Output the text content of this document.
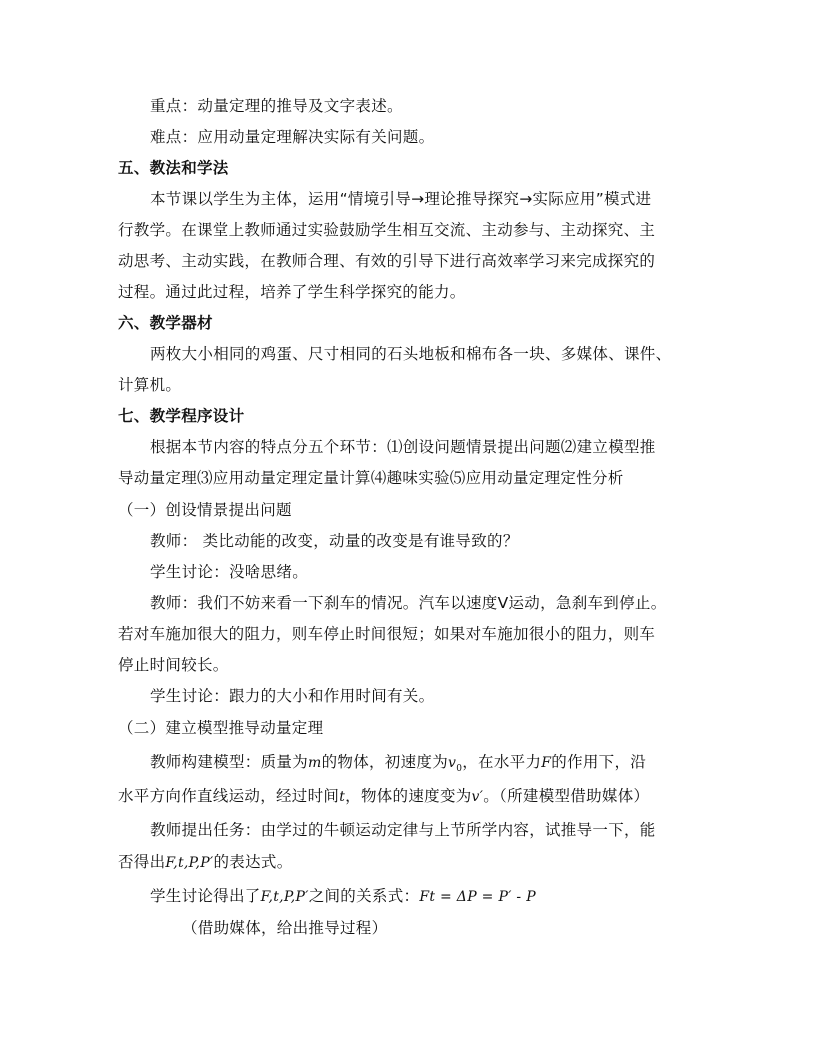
重点：动量定理的推导及文字表述。
难点：应用动量定理解决实际有关问题。
五、教法和学法
本节课以学生为主体，运用“情境引导→理论推导探究→实际应用”模式进
行教学。在课堂上教师通过实验鼓励学生相互交流、主动参与、主动探究、主
动思考、主动实践，在教师合理、有效的引导下进行高效率学习来完成探究的
过程。通过此过程，培养了学生科学探究的能力。
六、教学器材
两枚大小相同的鸡蛋、尺寸相同的石头地板和棉布各一块、多媒体、课件、
计算机。
七、教学程序设计
根据本节内容的特点分五个环节：⑴创设问题情景提出问题⑵建立模型推
导动量定理⑶应用动量定理定量计算⑷趣味实验⑸应用动量定理定性分析
（一）创设情景提出问题
教师： 类比动能的改变，动量的改变是有谁导致的？
学生讨论：没啥思绪。
教师：我们不妨来看一下刹车的情况。汽车以速度V运动，急刹车到停止。
若对车施加很大的阻力，则车停止时间很短；如果对车施加很小的阻力，则车
停止时间较长。
学生讨论：跟力的大小和作用时间有关。
（二）建立模型推导动量定理
教师构建模型：质量为m的物体，初速度为$v_0$，在水平力F的作用下，沿
水平方向作直线运动，经过时间t，物体的速度变为v′。（所建模型借助媒体）
教师提出任务：由学过的牛顿运动定律与上节所学内容，试推导一下，能
否得出F,t,P,P′的表达式。
学生讨论得出了F,t,P,P′之间的关系式：Ft = ΔP = P′ - P
（借助媒体，给出推导过程）
